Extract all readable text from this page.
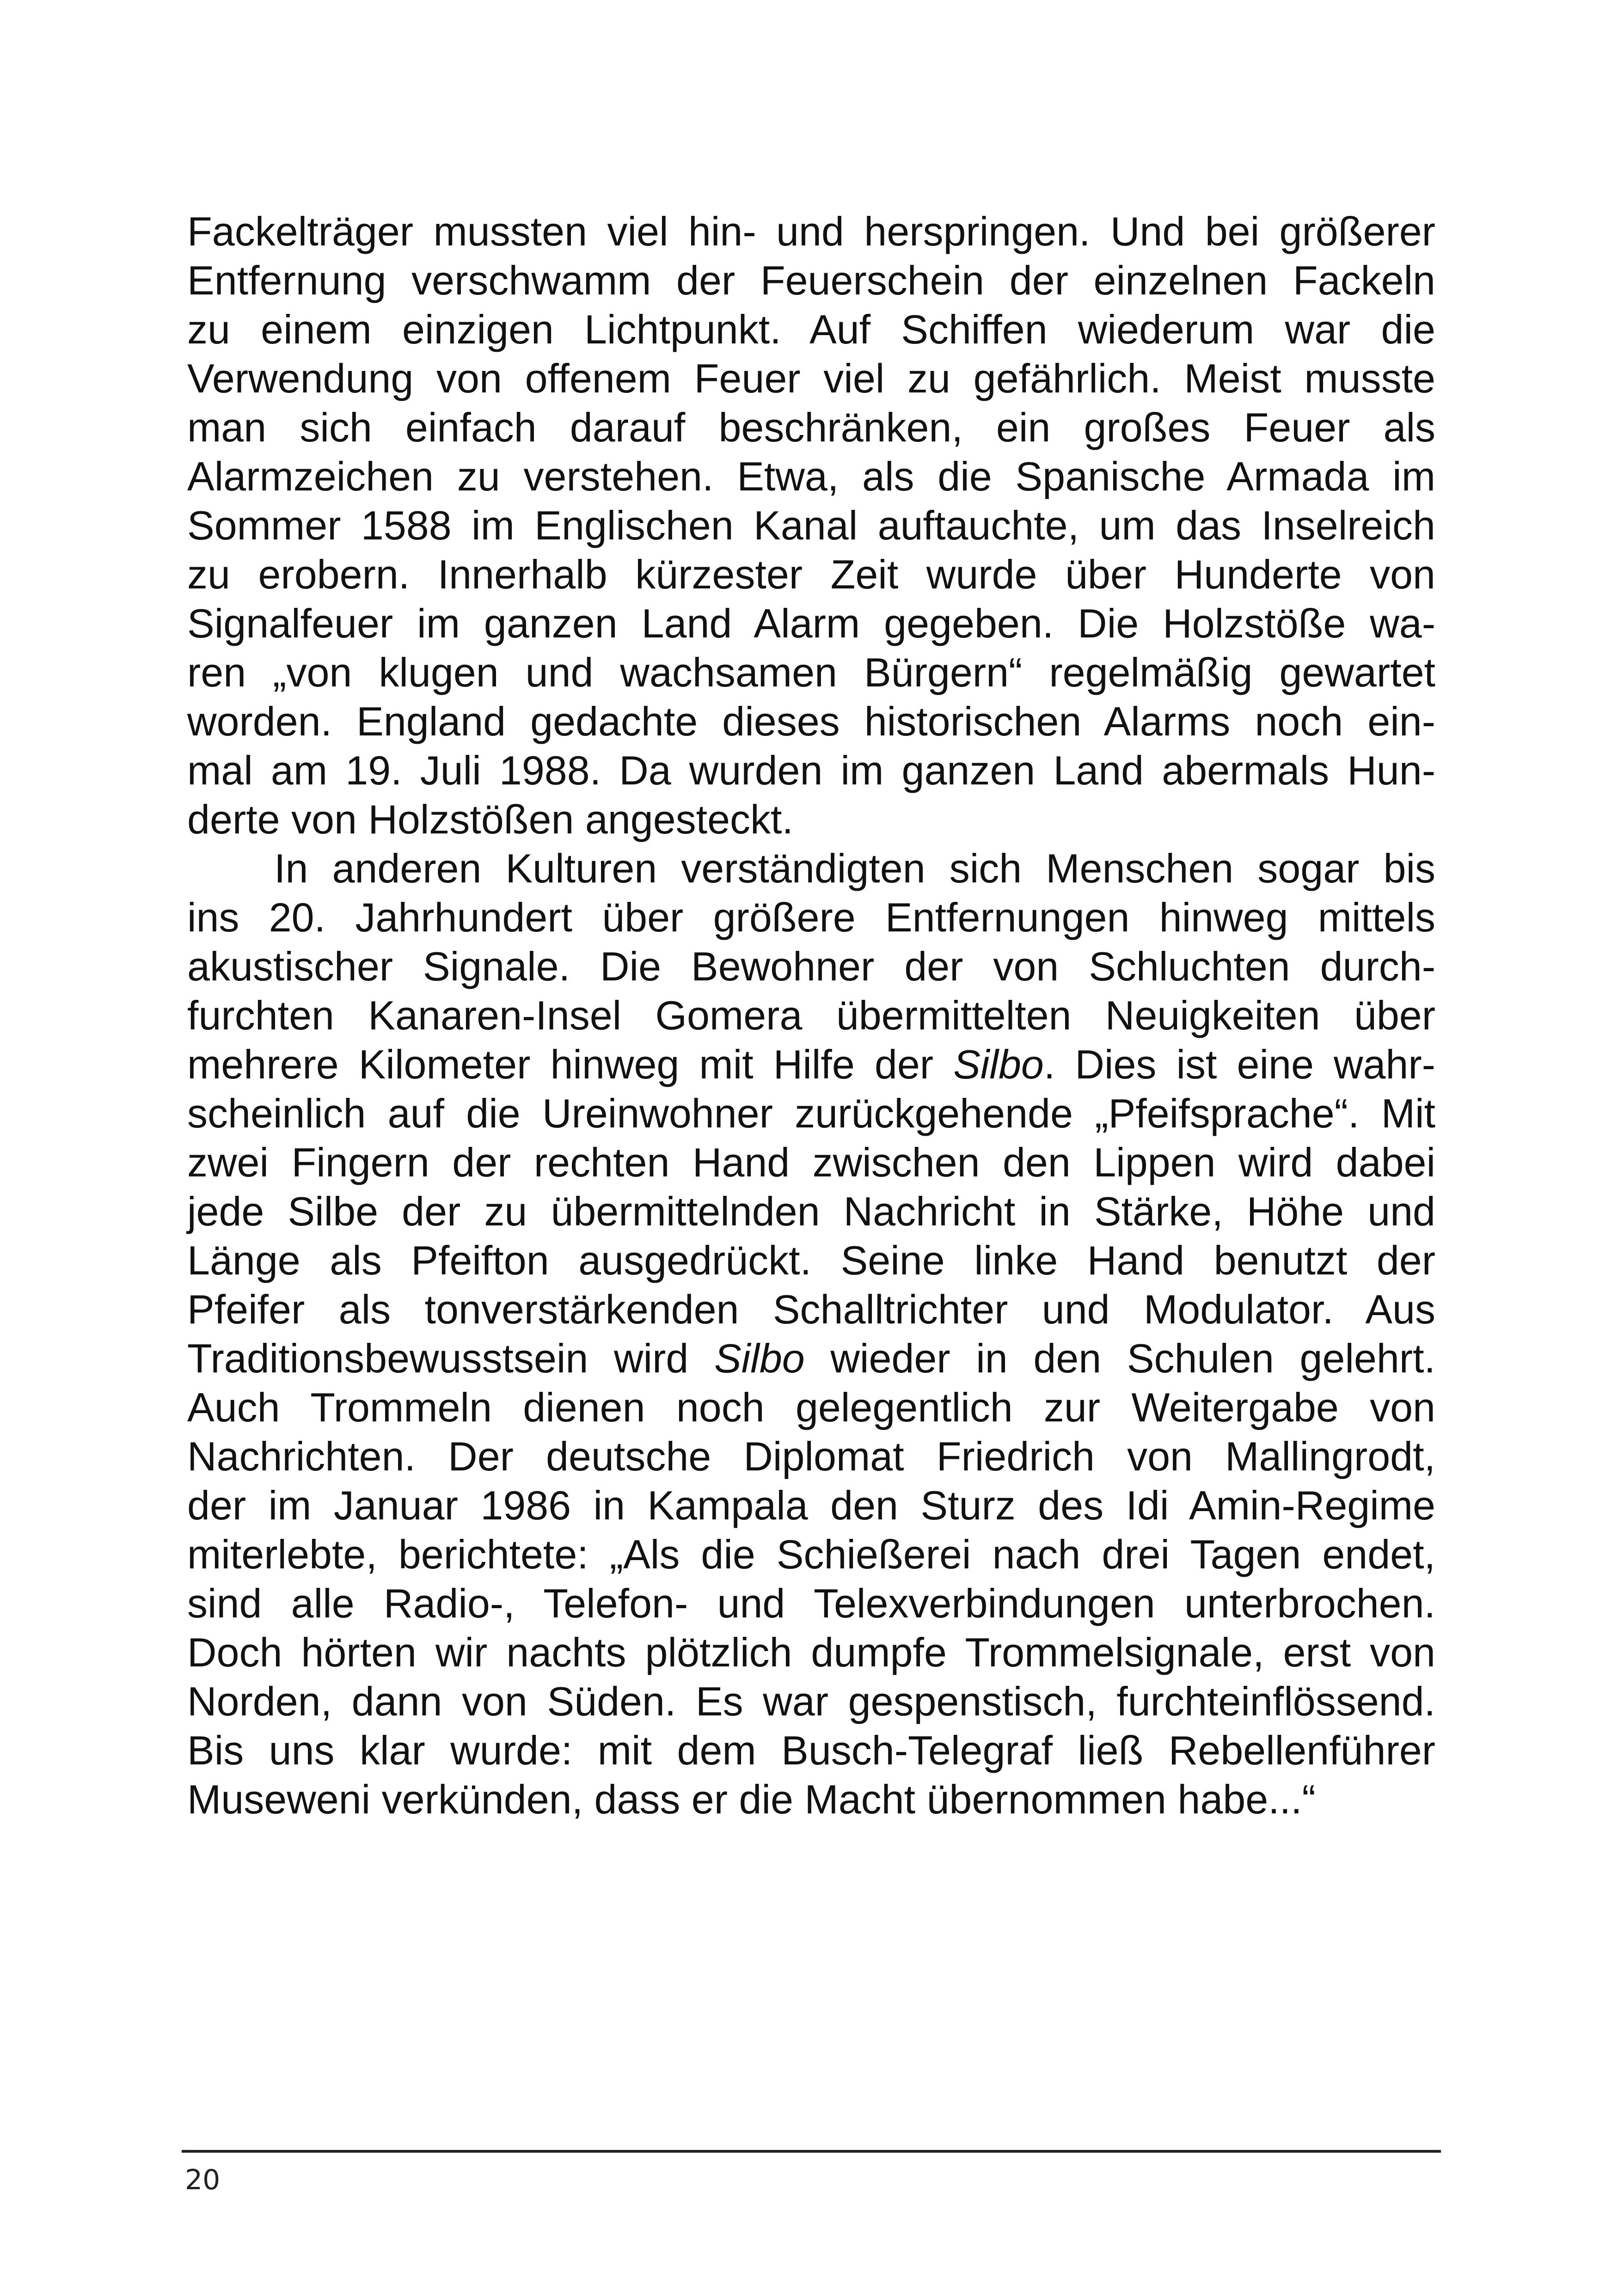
Fackelträger mussten viel hin- und herspringen. Und bei größerer
Entfernung verschwamm der Feuerschein der einzelnen Fackeln
zu einem einzigen Lichtpunkt. Auf Schiffen wiederum war die
Verwendung von offenem Feuer viel zu gefährlich. Meist musste
man sich einfach darauf beschränken, ein großes Feuer als
Alarmzeichen zu verstehen. Etwa, als die Spanische Armada im
Sommer 1588 im Englischen Kanal auftauchte, um das Inselreich
zu erobern. Innerhalb kürzester Zeit wurde über Hunderte von
Signalfeuer im ganzen Land Alarm gegeben. Die Holzstöße wa-
ren „von klugen und wachsamen Bürgern“ regelmäßig gewartet
worden. England gedachte dieses historischen Alarms noch ein-
mal am 19. Juli 1988. Da wurden im ganzen Land abermals Hun-
derte von Holzstößen angesteckt.
In anderen Kulturen verständigten sich Menschen sogar bis
ins 20. Jahrhundert über größere Entfernungen hinweg mittels
akustischer Signale. Die Bewohner der von Schluchten durch-
furchten Kanaren-Insel Gomera übermittelten Neuigkeiten über
mehrere Kilometer hinweg mit Hilfe der Silbo. Dies ist eine wahr-
scheinlich auf die Ureinwohner zurückgehende „Pfeifsprache“. Mit
zwei Fingern der rechten Hand zwischen den Lippen wird dabei
jede Silbe der zu übermittelnden Nachricht in Stärke, Höhe und
Länge als Pfeifton ausgedrückt. Seine linke Hand benutzt der
Pfeifer als tonverstärkenden Schalltrichter und Modulator. Aus
Traditionsbewusstsein wird Silbo wieder in den Schulen gelehrt.
Auch Trommeln dienen noch gelegentlich zur Weitergabe von
Nachrichten. Der deutsche Diplomat Friedrich von Mallingrodt,
der im Januar 1986 in Kampala den Sturz des Idi Amin-Regime
miterlebte, berichtete: „Als die Schießerei nach drei Tagen endet,
sind alle Radio-, Telefon- und Telexverbindungen unterbrochen.
Doch hörten wir nachts plötzlich dumpfe Trommelsignale, erst von
Norden, dann von Süden. Es war gespenstisch, furchteinflössend.
Bis uns klar wurde: mit dem Busch-Telegraf ließ Rebellenführer
Museweni verkünden, dass er die Macht übernommen habe...“
20
